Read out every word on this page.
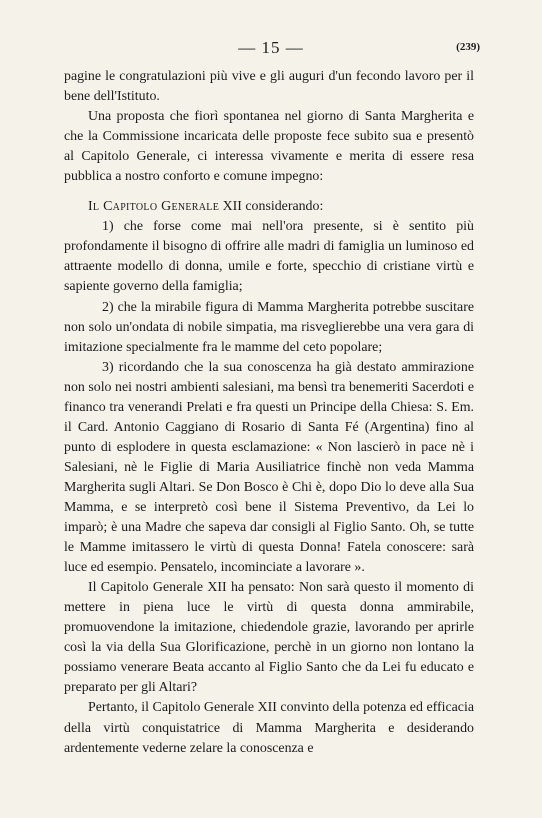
— 15 —	(239)

pagine le congratulazioni più vive e gli auguri d'un fecondo lavoro per il bene dell'Istituto.

Una proposta che fiorì spontanea nel giorno di Santa Margherita e che la Commissione incaricata delle proposte fece subito sua e presentò al Capitolo Generale, ci interessa vivamente e merita di essere resa pubblica a nostro conforto e comune impegno:

Il Capitolo Generale XII considerando:

1) che forse come mai nell'ora presente, si è sentito più profondamente il bisogno di offrire alle madri di famiglia un luminoso ed attraente modello di donna, umile e forte, specchio di cristiane virtù e sapiente governo della famiglia;

2) che la mirabile figura di Mamma Margherita potrebbe suscitare non solo un'ondata di nobile simpatia, ma risveglierebbe una vera gara di imitazione specialmente fra le mamme del ceto popolare;

3) ricordando che la sua conoscenza ha già destato ammirazione non solo nei nostri ambienti salesiani, ma bensì tra benemeriti Sacerdoti e financo tra venerandi Prelati e fra questi un Principe della Chiesa: S. Em. il Card. Antonio Caggiano di Rosario di Santa Fé (Argentina) fino al punto di esplodere in questa esclamazione: « Non lascierò in pace nè i Salesiani, nè le Figlie di Maria Ausiliatrice finchè non veda Mamma Margherita sugli Altari. Se Don Bosco è Chi è, dopo Dio lo deve alla Sua Mamma, e se interpretò così bene il Sistema Preventivo, da Lei lo imparò; è una Madre che sapeva dar consigli al Figlio Santo. Oh, se tutte le Mamme imitassero le virtù di questa Donna! Fatela conoscere: sarà luce ed esempio. Pensatelo, incominciate a lavorare ».

Il Capitolo Generale XII ha pensato: Non sarà questo il momento di mettere in piena luce le virtù di questa donna ammirabile, promuovendone la imitazione, chiedendole grazie, lavorando per aprirle così la via della Sua Glorificazione, perchè in un giorno non lontano la possiamo venerare Beata accanto al Figlio Santo che da Lei fu educato e preparato per gli Altari?

Pertanto, il Capitolo Generale XII convinto della potenza ed efficacia della virtù conquistatrice di Mamma Margherita e desiderando ardentemente vederne zelare la conoscenza e
